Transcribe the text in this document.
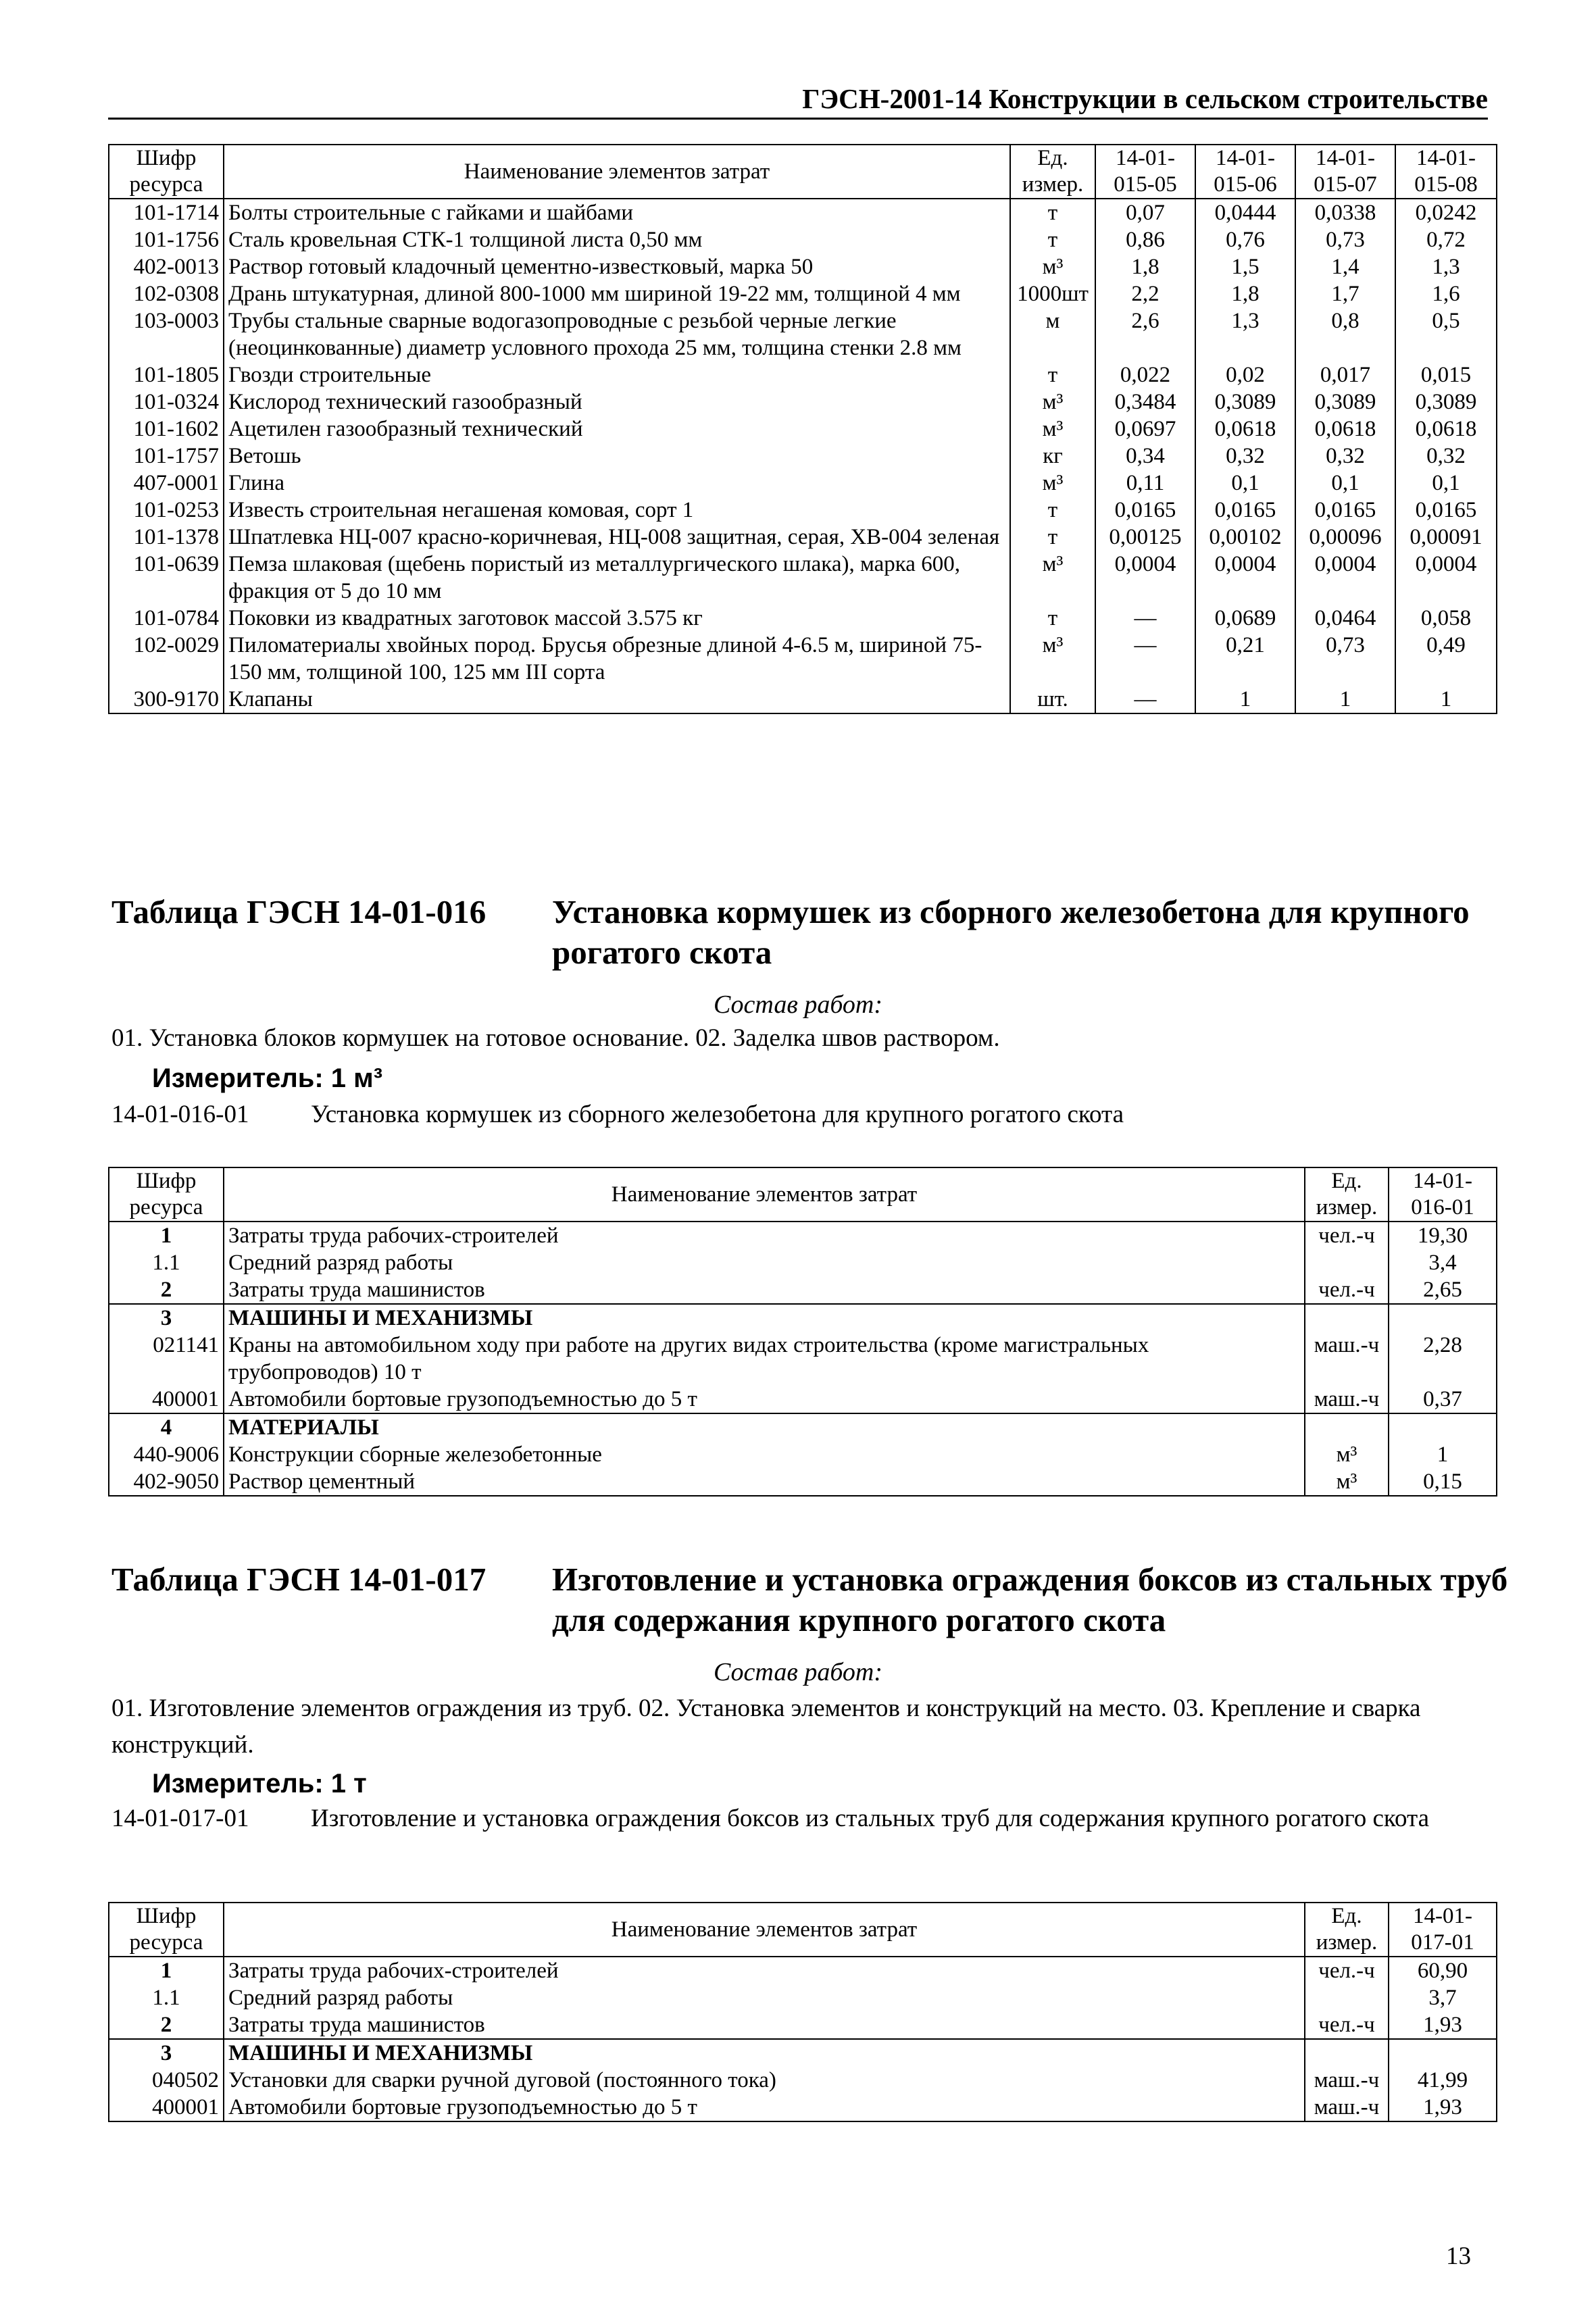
ГЭСН-2001-14 Конструкции в сельском строительстве
Шифр ресурса	Наименование элементов затрат	Ед. измер.	14-01-015-05	14-01-015-06	14-01-015-07	14-01-015-08
101-1714	Болты строительные с гайками и шайбами	т	0,07	0,0444	0,0338	0,0242
101-1756	Сталь кровельная СТК-1 толщиной листа 0,50 мм	т	0,86	0,76	0,73	0,72
402-0013	Раствор готовый кладочный цементно-известковый, марка 50	м³	1,8	1,5	1,4	1,3
102-0308	Дрань штукатурная, длиной 800-1000 мм шириной 19-22 мм, толщиной 4 мм	1000шт	2,2	1,8	1,7	1,6
103-0003	Трубы стальные сварные водогазопроводные с резьбой черные легкие (неоцинкованные) диаметр условного прохода 25 мм, толщина стенки 2.8 мм	м	2,6	1,3	0,8	0,5
101-1805	Гвозди строительные	т	0,022	0,02	0,017	0,015
101-0324	Кислород технический газообразный	м³	0,3484	0,3089	0,3089	0,3089
101-1602	Ацетилен газообразный технический	м³	0,0697	0,0618	0,0618	0,0618
101-1757	Ветошь	кг	0,34	0,32	0,32	0,32
407-0001	Глина	м³	0,11	0,1	0,1	0,1
101-0253	Известь строительная негашеная комовая, сорт 1	т	0,0165	0,0165	0,0165	0,0165
101-1378	Шпатлевка НЦ-007 красно-коричневая, НЦ-008 защитная, серая, ХВ-004 зеленая	т	0,00125	0,00102	0,00096	0,00091
101-0639	Пемза шлаковая (щебень пористый из металлургического шлака), марка 600, фракция от 5 до 10 мм	м³	0,0004	0,0004	0,0004	0,0004
101-0784	Поковки из квадратных заготовок массой 3.575 кг	т	—	0,0689	0,0464	0,058
102-0029	Пиломатериалы хвойных пород. Брусья обрезные длиной 4-6.5 м, шириной 75-150 мм, толщиной 100, 125 мм III сорта	м³	—	0,21	0,73	0,49
300-9170	Клапаны	шт.	—	1	1	1
Таблица ГЭСН 14-01-016 Установка кормушек из сборного железобетона для крупного рогатого скота
Состав работ:
01. Установка блоков кормушек на готовое основание. 02. Заделка швов раствором.
Измеритель: 1 м³
14-01-016-01 Установка кормушек из сборного железобетона для крупного рогатого скота
Шифр ресурса	Наименование элементов затрат	Ед. измер.	14-01-016-01
1	Затраты труда рабочих-строителей	чел.-ч	19,30
1.1	Средний разряд работы		3,4
2	Затраты труда машинистов	чел.-ч	2,65
3	МАШИНЫ И МЕХАНИЗМЫ		
021141	Краны на автомобильном ходу при работе на других видах строительства (кроме магистральных трубопроводов) 10 т	маш.-ч	2,28
400001	Автомобили бортовые грузоподъемностью до 5 т	маш.-ч	0,37
4	МАТЕРИАЛЫ		
440-9006	Конструкции сборные железобетонные	м³	1
402-9050	Раствор цементный	м³	0,15
Таблица ГЭСН 14-01-017 Изготовление и установка ограждения боксов из стальных труб для содержания крупного рогатого скота
Состав работ:
01. Изготовление элементов ограждения из труб. 02. Установка элементов и конструкций на место. 03. Крепление и сварка конструкций.
Измеритель: 1 т
14-01-017-01 Изготовление и установка ограждения боксов из стальных труб для содержания крупного рогатого скота
Шифр ресурса	Наименование элементов затрат	Ед. измер.	14-01-017-01
1	Затраты труда рабочих-строителей	чел.-ч	60,90
1.1	Средний разряд работы		3,7
2	Затраты труда машинистов	чел.-ч	1,93
3	МАШИНЫ И МЕХАНИЗМЫ		
040502	Установки для сварки ручной дуговой (постоянного тока)	маш.-ч	41,99
400001	Автомобили бортовые грузоподъемностью до 5 т	маш.-ч	1,93
13
